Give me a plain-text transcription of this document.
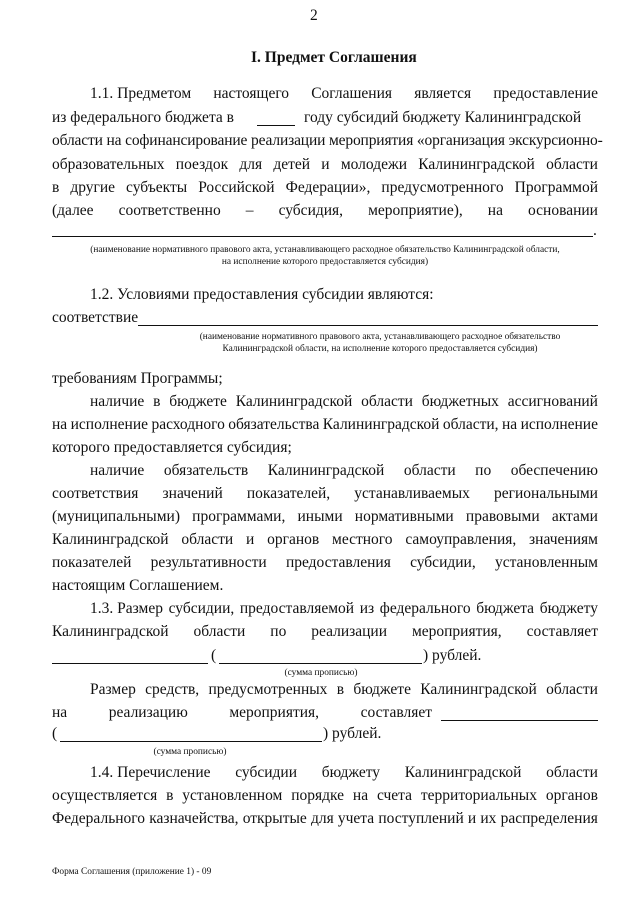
2
I. Предмет Соглашения
1.1. Предметом настоящего Соглашения является предоставление
из федерального бюджета в	году субсидий бюджету Калининградской
области на софинансирование реализации мероприятия «организация экскурсионно-
образовательных поездок для детей и молодежи Калининградской области
в другие субъекты Российской Федерации», предусмотренного Программой
(далее соответственно – субсидия, мероприятие), на основании
.
(наименование нормативного правового акта, устанавливающего расходное обязательство Калининградской области,
на исполнение которого предоставляется субсидия)
1.2. Условиями предоставления субсидии являются:
соответствие
(наименование нормативного правового акта, устанавливающего расходное обязательство
Калининградской области, на исполнение которого предоставляется субсидия)
требованиям Программы;
наличие в бюджете Калининградской области бюджетных ассигнований
на исполнение расходного обязательства Калининградской области, на исполнение
которого предоставляется субсидия;
наличие обязательств Калининградской области по обеспечению
соответствия значений показателей, устанавливаемых региональными
(муниципальными) программами, иными нормативными правовыми актами
Калининградской области и органов местного самоуправления, значениям
показателей результативности предоставления субсидии, установленным
настоящим Соглашением.
1.3. Размер субсидии, предоставляемой из федерального бюджета бюджету
Калининградской области по реализации мероприятия, составляет
(	) рублей.
(сумма прописью)
Размер средств, предусмотренных в бюджете Калининградской области
на	реализацию	мероприятия,	составляет
(	) рублей.
(сумма прописью)
1.4. Перечисление субсидии бюджету Калининградской области
осуществляется в установленном порядке на счета территориальных органов
Федерального казначейства, открытые для учета поступлений и их распределения
Форма Соглашения (приложение 1) - 09
